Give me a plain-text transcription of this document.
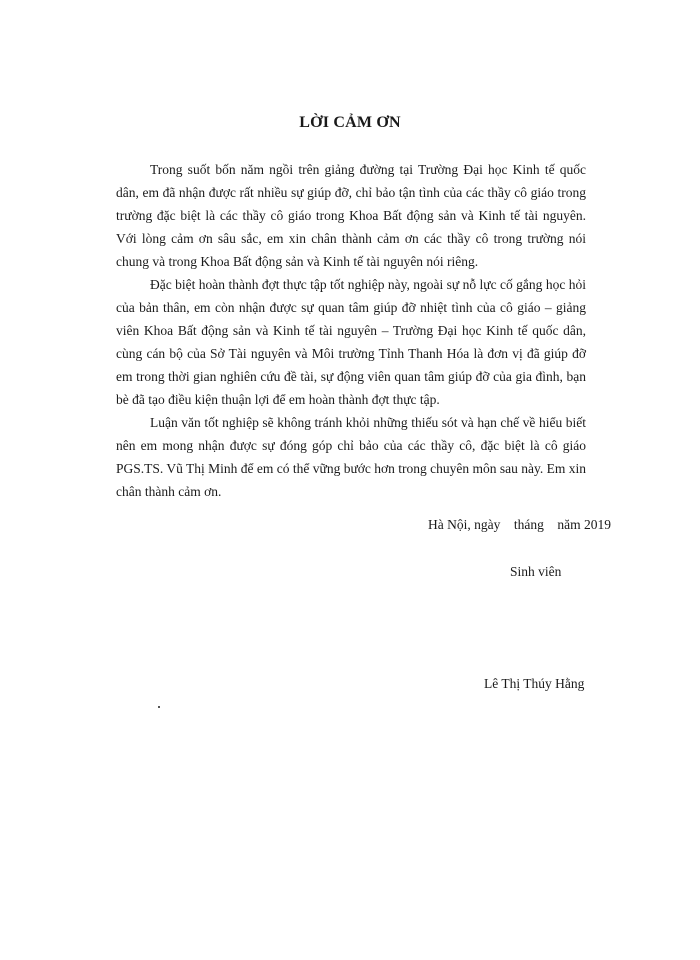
LỜI CẢM ƠN

Trong suốt bốn năm ngồi trên giảng đường tại Trường Đại học Kinh tế quốc dân, em đã nhận được rất nhiều sự giúp đỡ, chỉ bảo tận tình của các thầy cô giáo trong trường đặc biệt là các thầy cô giáo trong Khoa Bất động sản và Kinh tế tài nguyên. Với lòng cảm ơn sâu sắc, em xin chân thành cảm ơn các thầy cô trong trường nói chung và trong Khoa Bất động sản và Kinh tế tài nguyên nói riêng.

Đặc biệt hoàn thành đợt thực tập tốt nghiệp này, ngoài sự nỗ lực cố gắng học hỏi của bản thân, em còn nhận được sự quan tâm giúp đỡ nhiệt tình của cô giáo – giảng viên Khoa Bất động sản và Kinh tế tài nguyên – Trường Đại học Kinh tế quốc dân, cùng cán bộ của Sở Tài nguyên và Môi trường Tỉnh Thanh Hóa là đơn vị đã giúp đỡ em trong thời gian nghiên cứu đề tài, sự động viên quan tâm giúp đỡ của gia đình, bạn bè đã tạo điều kiện thuận lợi để em hoàn thành đợt thực tập.

Luận văn tốt nghiệp sẽ không tránh khỏi những thiếu sót và hạn chế về hiểu biết nên em mong nhận được sự đóng góp chỉ bảo của các thầy cô, đặc biệt là cô giáo PGS.TS. Vũ Thị Minh để em có thể vững bước hơn trong chuyên môn sau này. Em xin chân thành cảm ơn.

Hà Nội, ngày    tháng    năm 2019
Sinh viên
Lê Thị Thúy Hằng
